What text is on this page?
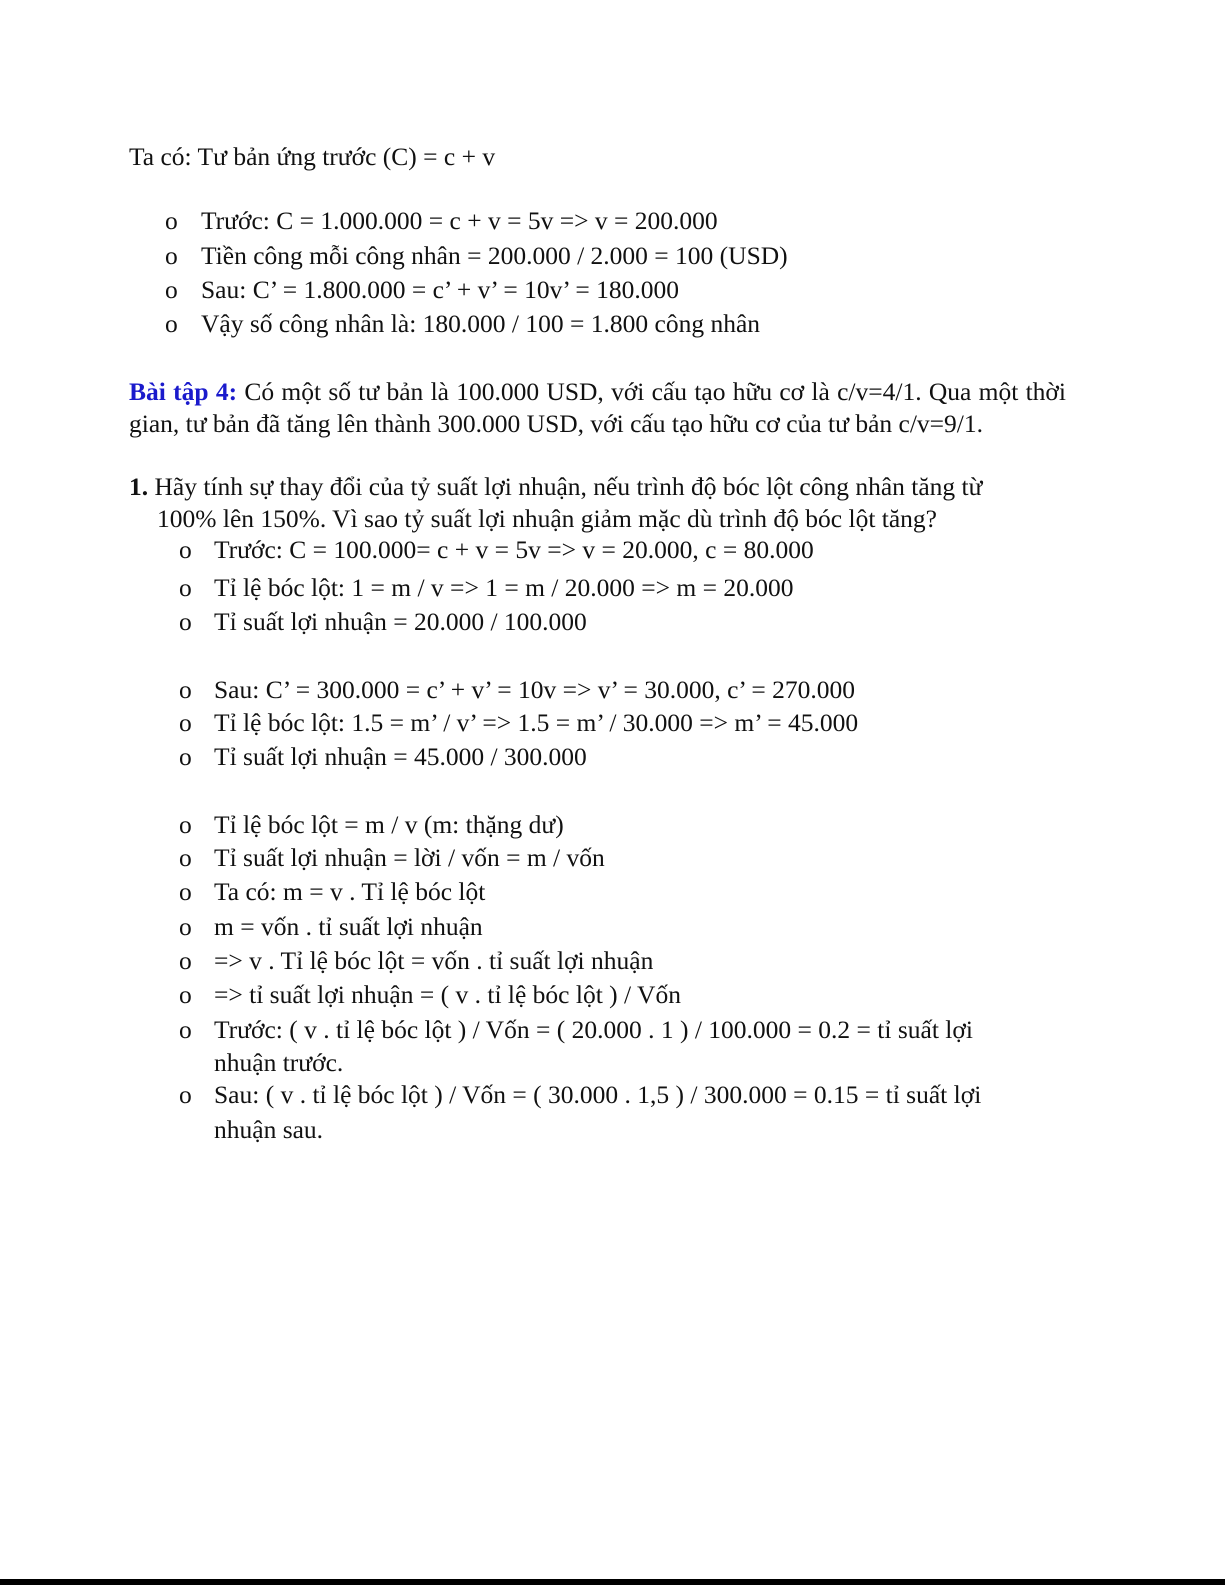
Ta có: Tư bản ứng trước (C) = c + v
o Trước: C = 1.000.000 = c + v = 5v => v = 200.000
o Tiền công mỗi công nhân = 200.000 / 2.000 = 100 (USD)
o Sau: C’ = 1.800.000 = c’ + v’ = 10v’ = 180.000
o Vậy số công nhân là: 180.000 / 100 = 1.800 công nhân
Bài tập 4: Có một số tư bản là 100.000 USD, với cấu tạo hữu cơ là c/v=4/1. Qua một thời gian, tư bản đã tăng lên thành 300.000 USD, với cấu tạo hữu cơ của tư bản c/v=9/1.
1. Hãy tính sự thay đổi của tỷ suất lợi nhuận, nếu trình độ bóc lột công nhân tăng từ
100% lên 150%. Vì sao tỷ suất lợi nhuận giảm mặc dù trình độ bóc lột tăng?
o Trước: C = 100.000= c + v = 5v => v = 20.000, c = 80.000
o Tỉ lệ bóc lột: 1 = m / v => 1 = m / 20.000 => m = 20.000
o Tỉ suất lợi nhuận = 20.000 / 100.000
o Sau: C’ = 300.000 = c’ + v’ = 10v => v’ = 30.000, c’ = 270.000
o Tỉ lệ bóc lột: 1.5 = m’ / v’ => 1.5 = m’ / 30.000 => m’ = 45.000
o Tỉ suất lợi nhuận = 45.000 / 300.000
o Tỉ lệ bóc lột = m / v (m: thặng dư)
o Tỉ suất lợi nhuận = lời / vốn = m / vốn
o Ta có: m = v . Tỉ lệ bóc lột
o m = vốn . tỉ suất lợi nhuận
o => v . Tỉ lệ bóc lột = vốn . tỉ suất lợi nhuận
o => tỉ suất lợi nhuận = ( v . tỉ lệ bóc lột ) / Vốn
o Trước: ( v . tỉ lệ bóc lột ) / Vốn = ( 20.000 . 1 ) / 100.000 = 0.2 = tỉ suất lợi
nhuận trước.
o Sau: ( v . tỉ lệ bóc lột ) / Vốn = ( 30.000 . 1,5 ) / 300.000 = 0.15 = tỉ suất lợi
nhuận sau.
